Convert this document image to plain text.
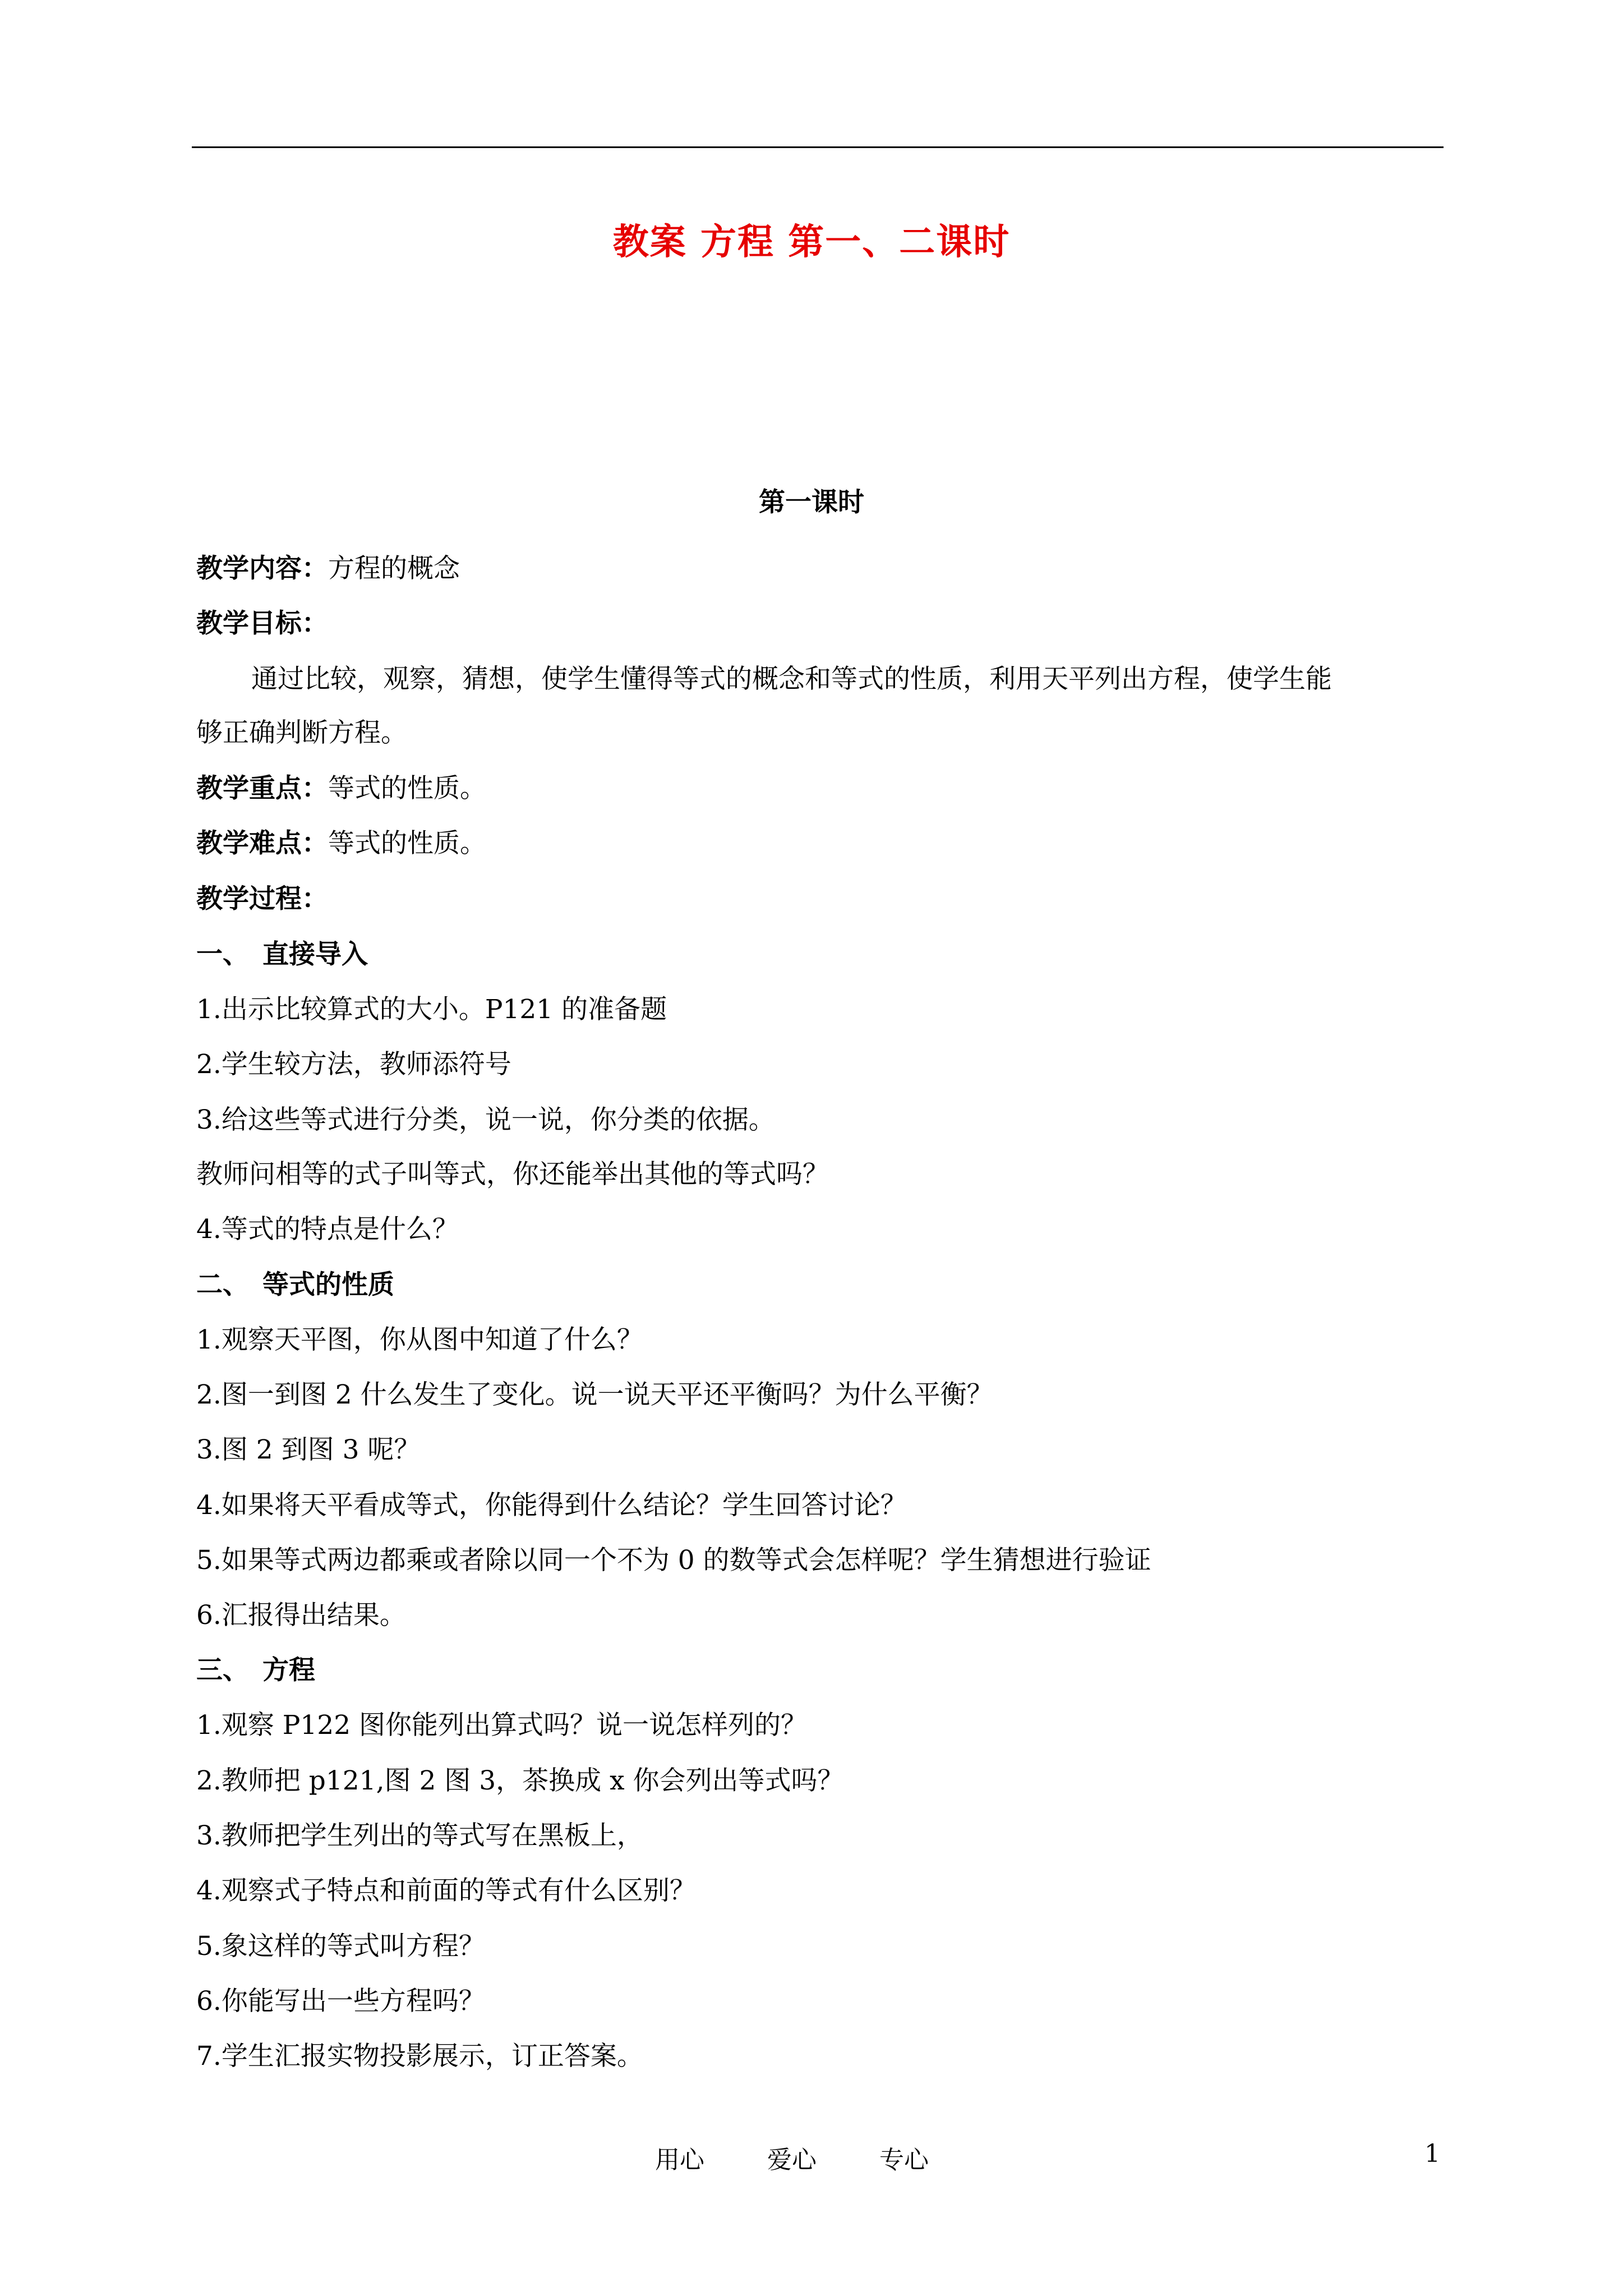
教案 方程 第一、二课时
第一课时
教学内容：方程的概念
教学目标：
通过比较，观察，猜想，使学生懂得等式的概念和等式的性质，利用天平列出方程，使学生能
够正确判断方程。
教学重点：等式的性质。
教学难点：等式的性质。
教学过程：
一、 直接导入
1.出示比较算式的大小。P121 的准备题
2.学生较方法，教师添符号
3.给这些等式进行分类，说一说，你分类的依据。
教师问相等的式子叫等式，你还能举出其他的等式吗？
4.等式的特点是什么？
二、 等式的性质
1.观察天平图，你从图中知道了什么？
2.图一到图 2 什么发生了变化。说一说天平还平衡吗？为什么平衡？
3.图 2 到图 3 呢？
4.如果将天平看成等式，你能得到什么结论？学生回答讨论？
5.如果等式两边都乘或者除以同一个不为 0 的数等式会怎样呢？学生猜想进行验证
6.汇报得出结果。
三、 方程
1.观察 P122 图你能列出算式吗？说一说怎样列的？
2.教师把 p121,图 2 图 3，茶换成 x 你会列出等式吗？
3.教师把学生列出的等式写在黑板上，
4.观察式子特点和前面的等式有什么区别？
5.象这样的等式叫方程？
6.你能写出一些方程吗？
7.学生汇报实物投影展示，订正答案。
用心	爱心	专心	1
